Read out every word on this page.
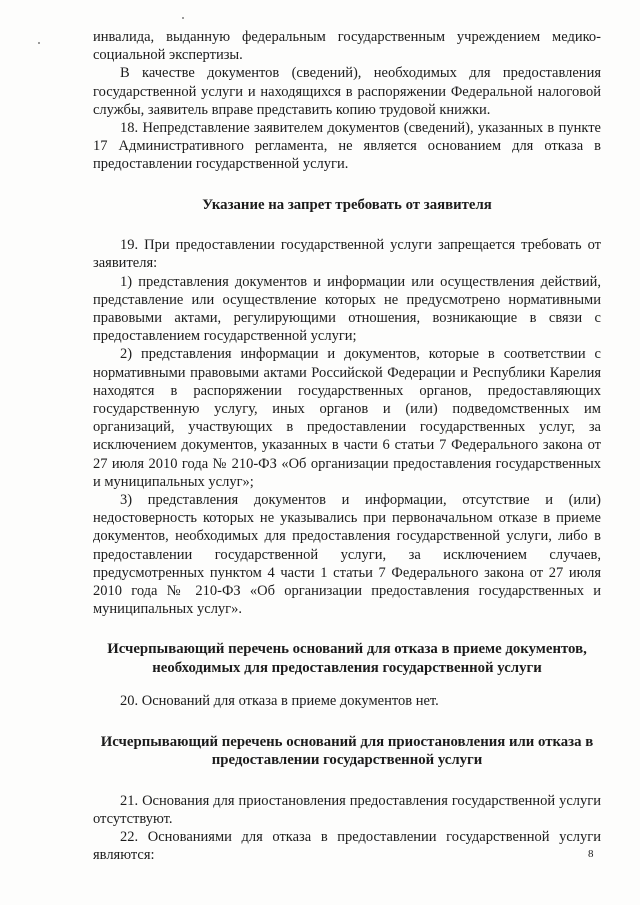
инвалида, выданную федеральным государственным учреждением медико-социальной экспертизы.

В качестве документов (сведений), необходимых для предоставления государственной услуги и находящихся в распоряжении Федеральной налоговой службы, заявитель вправе представить копию трудовой книжки.

18. Непредставление заявителем документов (сведений), указанных в пункте 17 Административного регламента, не является основанием для отказа в предоставлении государственной услуги.

Указание на запрет требовать от заявителя

19. При предоставлении государственной услуги запрещается требовать от заявителя:

1) представления документов и информации или осуществления действий, представление или осуществление которых не предусмотрено нормативными правовыми актами, регулирующими отношения, возникающие в связи с предоставлением государственной услуги;

2) представления информации и документов, которые в соответствии с нормативными правовыми актами Российской Федерации и Республики Карелия находятся в распоряжении государственных органов, предоставляющих государственную услугу, иных органов и (или) подведомственных им организаций, участвующих в предоставлении государственных услуг, за исключением документов, указанных в части 6 статьи 7 Федерального закона от 27 июля 2010 года № 210-ФЗ «Об организации предоставления государственных и муниципальных услуг»;

3) представления документов и информации, отсутствие и (или) недостоверность которых не указывались при первоначальном отказе в приеме документов, необходимых для предоставления государственной услуги, либо в предоставлении государственной услуги, за исключением случаев, предусмотренных пунктом 4 части 1 статьи 7 Федерального закона от 27 июля 2010 года № 210-ФЗ «Об организации предоставления государственных и муниципальных услуг».

Исчерпывающий перечень оснований для отказа в приеме документов, необходимых для предоставления государственной услуги

20. Оснований для отказа в приеме документов нет.

Исчерпывающий перечень оснований для приостановления или отказа в предоставлении государственной услуги

21. Основания для приостановления предоставления государственной услуги отсутствуют.

22. Основаниями для отказа в предоставлении государственной услуги являются:	8
